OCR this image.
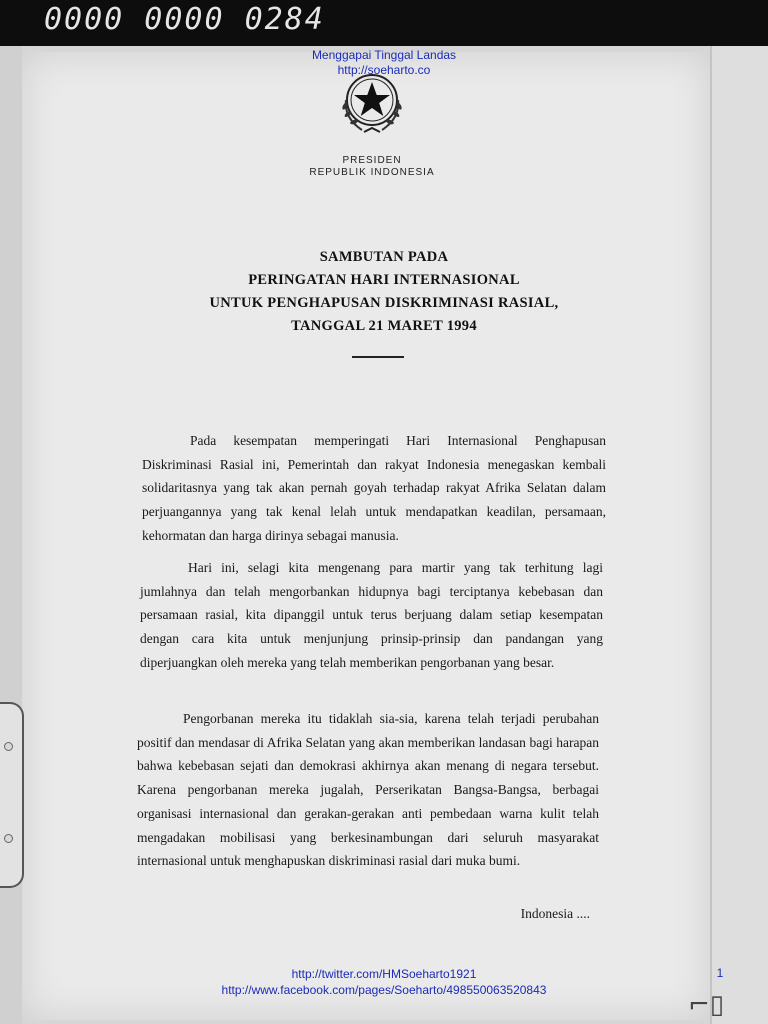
0000 0000 0284
Menggapai Tinggal Landas
http://soeharto.co
PRESIDEN
REPUBLIK INDONESIA
SAMBUTAN PADA
PERINGATAN HARI INTERNASIONAL
UNTUK PENGHAPUSAN DISKRIMINASI RASIAL,
TANGGAL 21 MARET 1994

Pada kesempatan memperingati Hari Internasional Penghapusan Diskriminasi Rasial ini, Pemerintah dan rakyat Indonesia menegaskan kembali solidaritasnya yang tak akan pernah goyah terhadap rakyat Afrika Selatan dalam perjuangannya yang tak kenal lelah untuk mendapatkan keadilan, persamaan, kehormatan dan harga dirinya sebagai manusia.

Hari ini, selagi kita mengenang para martir yang tak terhitung lagi jumlahnya dan telah mengorbankan hidupnya bagi terciptanya kebebasan dan persamaan rasial, kita dipanggil untuk terus berjuang dalam setiap kesempatan dengan cara kita untuk menjunjung prinsip-prinsip dan pandangan yang diperjuangkan oleh mereka yang telah memberikan pengorbanan yang besar.

Pengorbanan mereka itu tidaklah sia-sia, karena telah terjadi perubahan positif dan mendasar di Afrika Selatan yang akan memberikan landasan bagi harapan bahwa kebebasan sejati dan demokrasi akhirnya akan menang di negara tersebut. Karena pengorbanan mereka jugalah, Perserikatan Bangsa-Bangsa, berbagai organisasi internasional dan gerakan-gerakan anti pembedaan warna kulit telah mengadakan mobilisasi yang berkesinambungan dari seluruh masyarakat internasional untuk menghapuskan diskriminasi rasial dari muka bumi.

Indonesia ....
http://twitter.com/HMSoeharto1921
http://www.facebook.com/pages/Soeharto/498550063520843
1
⌐▯
